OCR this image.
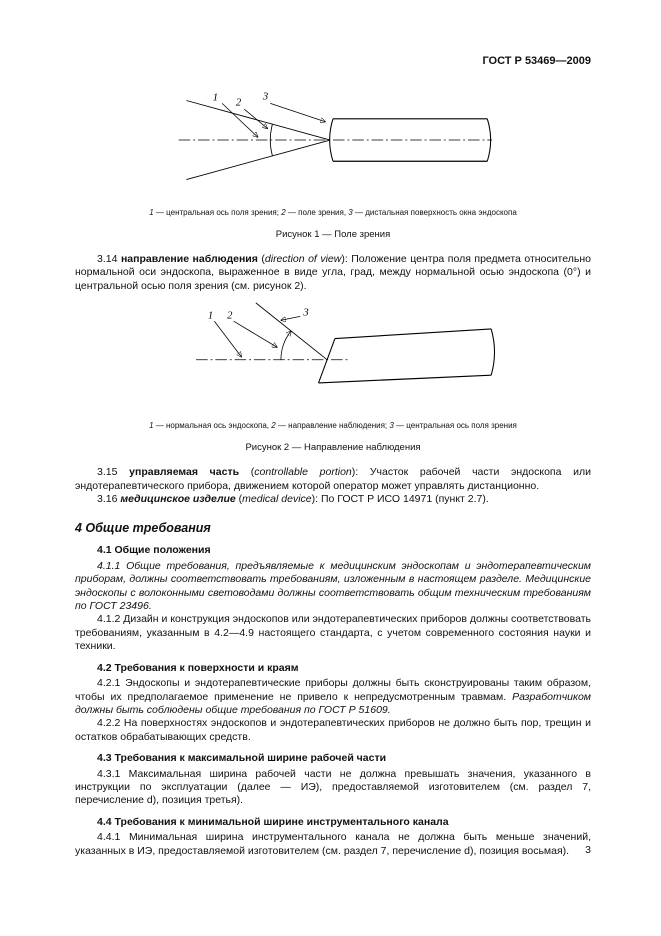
ГОСТ Р 53469—2009
1 2
3
1 — центральная ось поля зрения; 2 — поле зрения, 3 — дистальная поверхность окна эндоскопа
Рисунок 1 — Поле зрения

3.14 направление наблюдения (direction of view): Положение центра поля предмета относительно нормальной оси эндоскопа, выраженное в виде угла, град, между нормальной осью эндоскопа (0°) и центральной осью поля зрения (см. рисунок 2).

1 2	3
1 — нормальная ось эндоскопа, 2 — направление наблюдения; 3 — центральная ось поля зрения
Рисунок 2 — Направление наблюдения

3.15 управляемая часть (controllable portion): Участок рабочей части эндоскопа или эндотерапевтического прибора, движением которой оператор может управлять дистанционно.

3.16 медицинское изделие (medical device): По ГОСТ Р ИСО 14971 (пункт 2.7).

4 Общие требования
4.1 Общие положения

4.1.1 Общие требования, предъявляемые к медицинским эндоскопам и эндотерапевтическим приборам, должны соответствовать требованиям, изложенным в настоящем разделе. Медицинские эндоскопы с волоконными световодами должны соответствовать общим техническим требованиям по ГОСТ 23496.

4.1.2 Дизайн и конструкция эндоскопов или эндотерапевтических приборов должны соответствовать требованиям, указанным в 4.2—4.9 настоящего стандарта, с учетом современного состояния науки и техники.

4.2 Требования к поверхности и краям

4.2.1 Эндоскопы и эндотерапевтические приборы должны быть сконструированы таким образом, чтобы их предполагаемое применение не привело к непредусмотренным травмам. Разработчиком должны быть соблюдены общие требования по ГОСТ Р 51609.

4.2.2 На поверхностях эндоскопов и эндотерапевтических приборов не должно быть пор, трещин и остатков обрабатывающих средств.

4.3 Требования к максимальной ширине рабочей части

4.3.1 Максимальная ширина рабочей части не должна превышать значения, указанного в инструкции по эксплуатации (далее — ИЭ), предоставляемой изготовителем (см. раздел 7, перечисление d), позиция третья).

4.4 Требования к минимальной ширине инструментального канала

4.4.1 Минимальная ширина инструментального канала не должна быть меньше значений, указанных в ИЭ, предоставляемой изготовителем (см. раздел 7, перечисление d), позиция восьмая).	3
